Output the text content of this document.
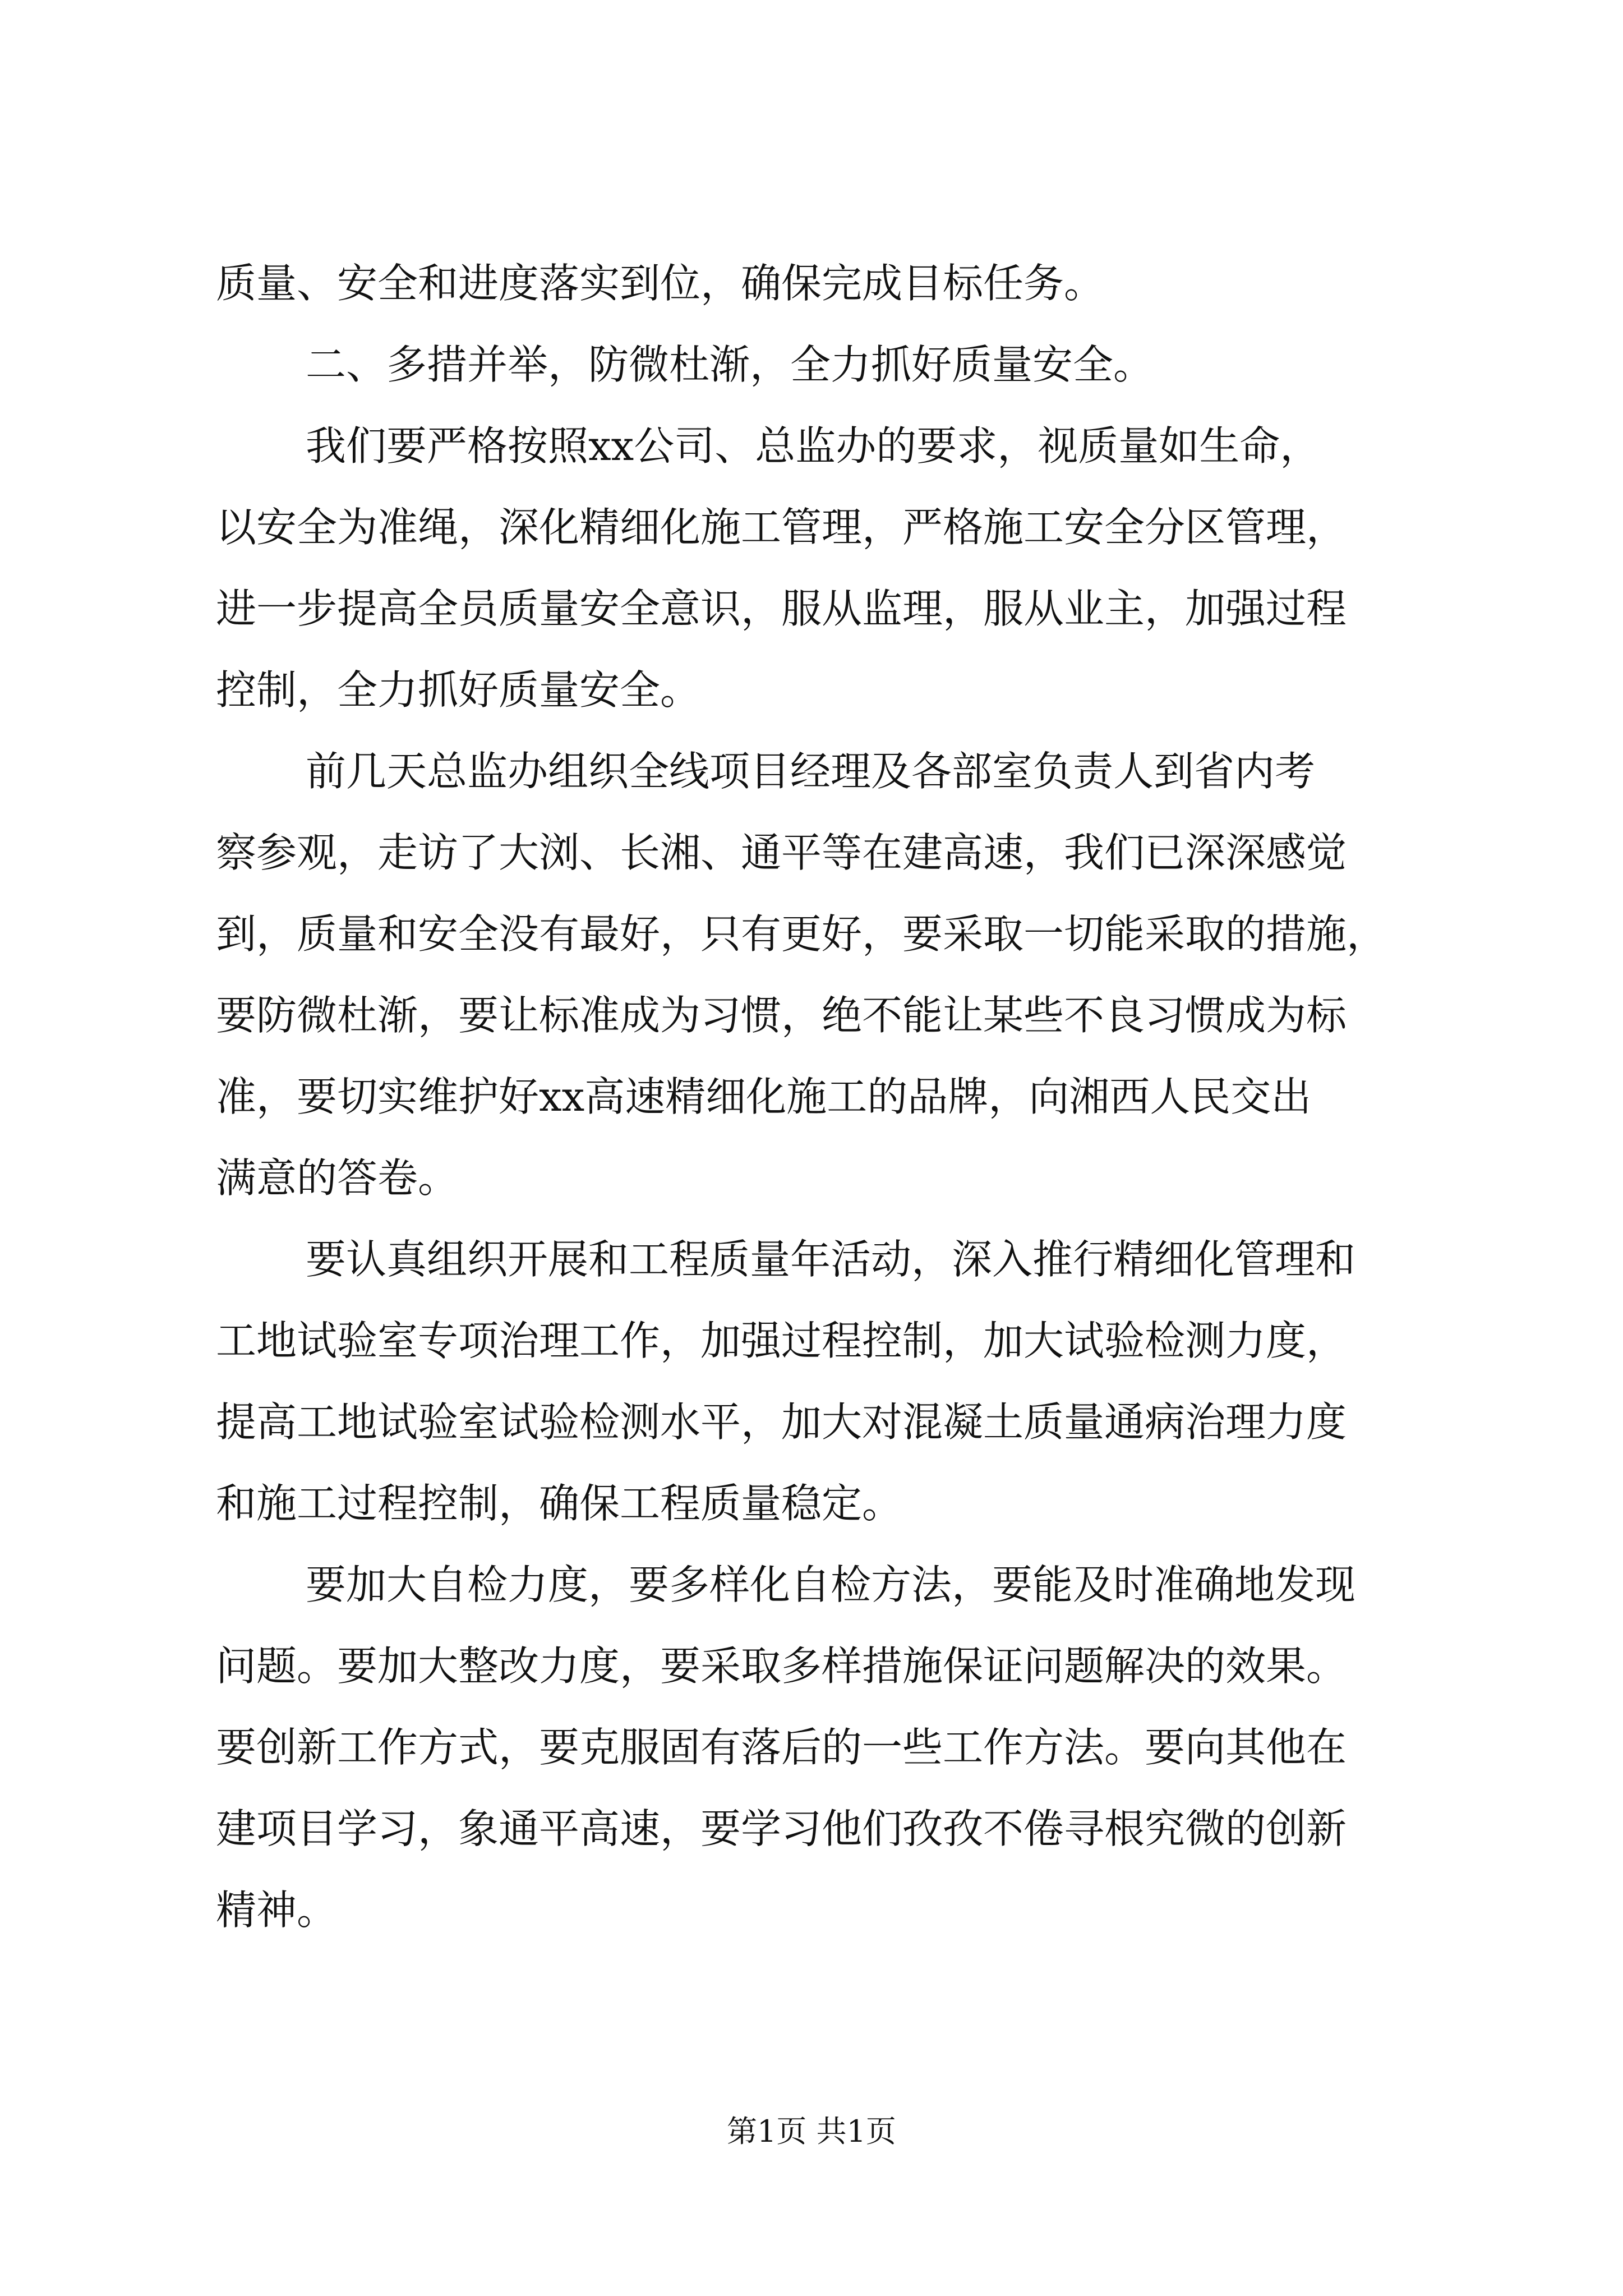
质量、安全和进度落实到位，确保完成目标任务。
二、多措并举，防微杜渐，全力抓好质量安全。
我们要严格按照xx公司、总监办的要求，视质量如生命，
以安全为准绳，深化精细化施工管理，严格施工安全分区管理，
进一步提高全员质量安全意识，服从监理，服从业主，加强过程
控制，全力抓好质量安全。
前几天总监办组织全线项目经理及各部室负责人到省内考
察参观，走访了大浏、长湘、通平等在建高速，我们已深深感觉
到，质量和安全没有最好，只有更好，要采取一切能采取的措施，
要防微杜渐，要让标准成为习惯，绝不能让某些不良习惯成为标
准，要切实维护好xx高速精细化施工的品牌，向湘西人民交出
满意的答卷。
要认真组织开展和工程质量年活动，深入推行精细化管理和
工地试验室专项治理工作，加强过程控制，加大试验检测力度，
提高工地试验室试验检测水平，加大对混凝土质量通病治理力度
和施工过程控制，确保工程质量稳定。
要加大自检力度，要多样化自检方法，要能及时准确地发现
问题。要加大整改力度，要采取多样措施保证问题解决的效果。
要创新工作方式，要克服固有落后的一些工作方法。要向其他在
建项目学习，象通平高速，要学习他们孜孜不倦寻根究微的创新
精神。
第1页 共1页
